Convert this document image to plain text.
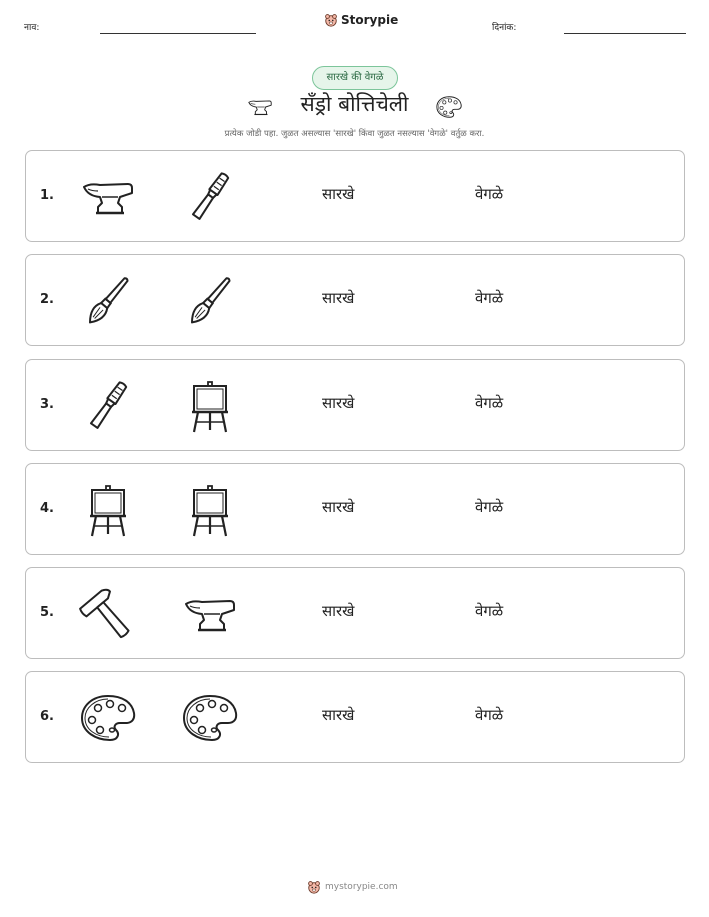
नाव:
Storypie
दिनांक:
सारखे की वेगळे
सँड्रो बोत्तिचेली
प्रत्येक जोडी पहा. जुळत असल्यास 'सारखे' किंवा जुळत नसल्यास 'वेगळे' वर्तुळ करा.
1.	सारखे	वेगळे
2.	सारखे	वेगळे
3.	सारखे	वेगळे
4.	सारखे	वेगळे
5.	सारखे	वेगळे
6.	सारखे	वेगळे
mystorypie.com
